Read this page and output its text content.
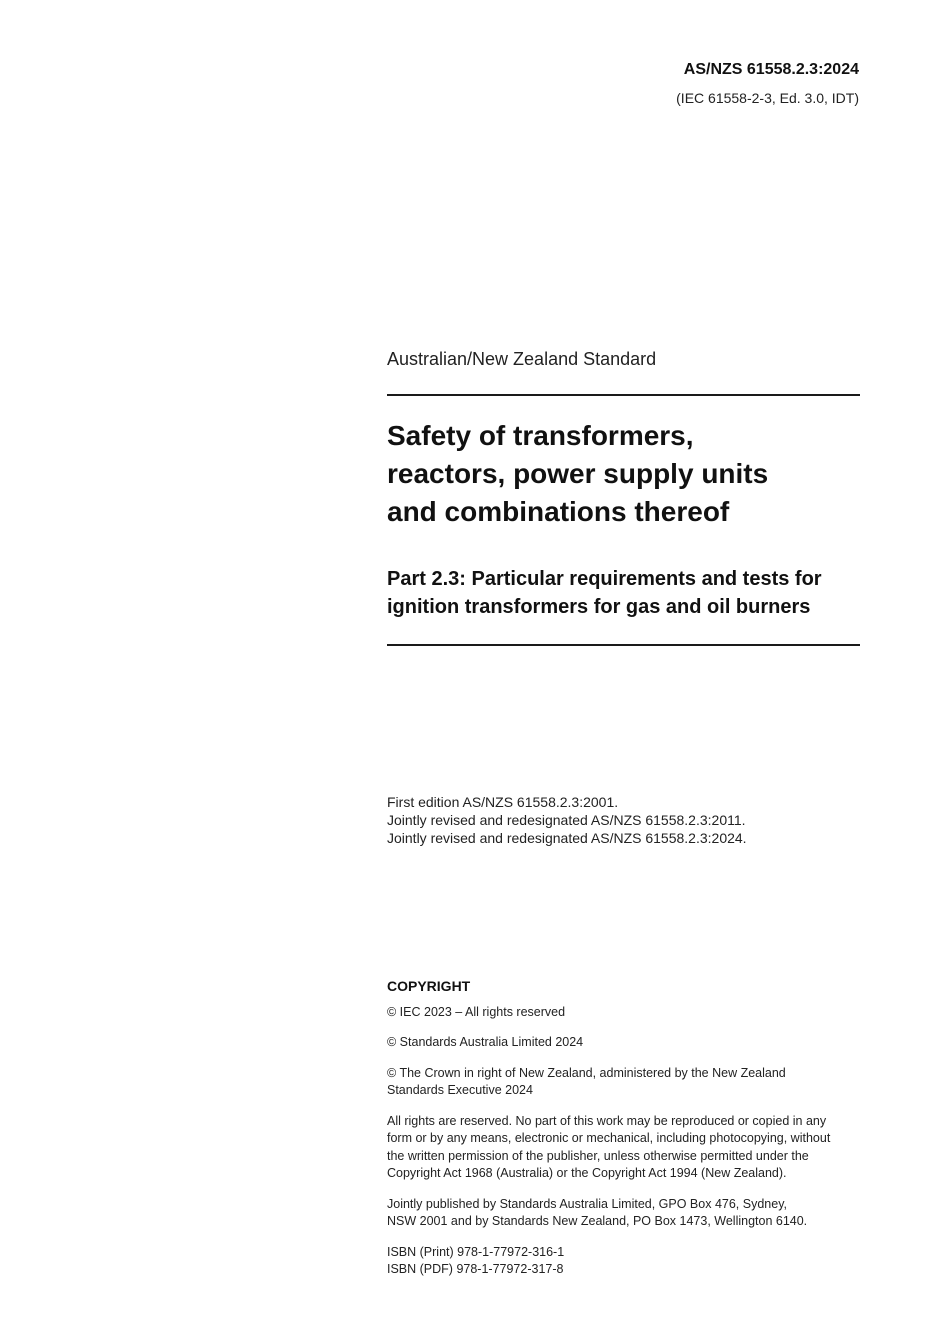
AS/NZS 61558.2.3:2024
(IEC 61558-2-3, Ed. 3.0, IDT)
Australian/New Zealand Standard
Safety of transformers,
reactors, power supply units
and combinations thereof
Part 2.3: Particular requirements and tests for
ignition transformers for gas and oil burners
First edition AS/NZS 61558.2.3:2001.
Jointly revised and redesignated AS/NZS 61558.2.3:2011.
Jointly revised and redesignated AS/NZS 61558.2.3:2024.
COPYRIGHT
© IEC 2023 – All rights reserved
© Standards Australia Limited 2024
© The Crown in right of New Zealand, administered by the New Zealand
Standards Executive 2024
All rights are reserved. No part of this work may be reproduced or copied in any
form or by any means, electronic or mechanical, including photocopying, without
the written permission of the publisher, unless otherwise permitted under the
Copyright Act 1968 (Australia) or the Copyright Act 1994 (New Zealand).
Jointly published by Standards Australia Limited, GPO Box 476, Sydney,
NSW 2001 and by Standards New Zealand, PO Box 1473, Wellington 6140.
ISBN (Print) 978-1-77972-316-1
ISBN (PDF) 978-1-77972-317-8
